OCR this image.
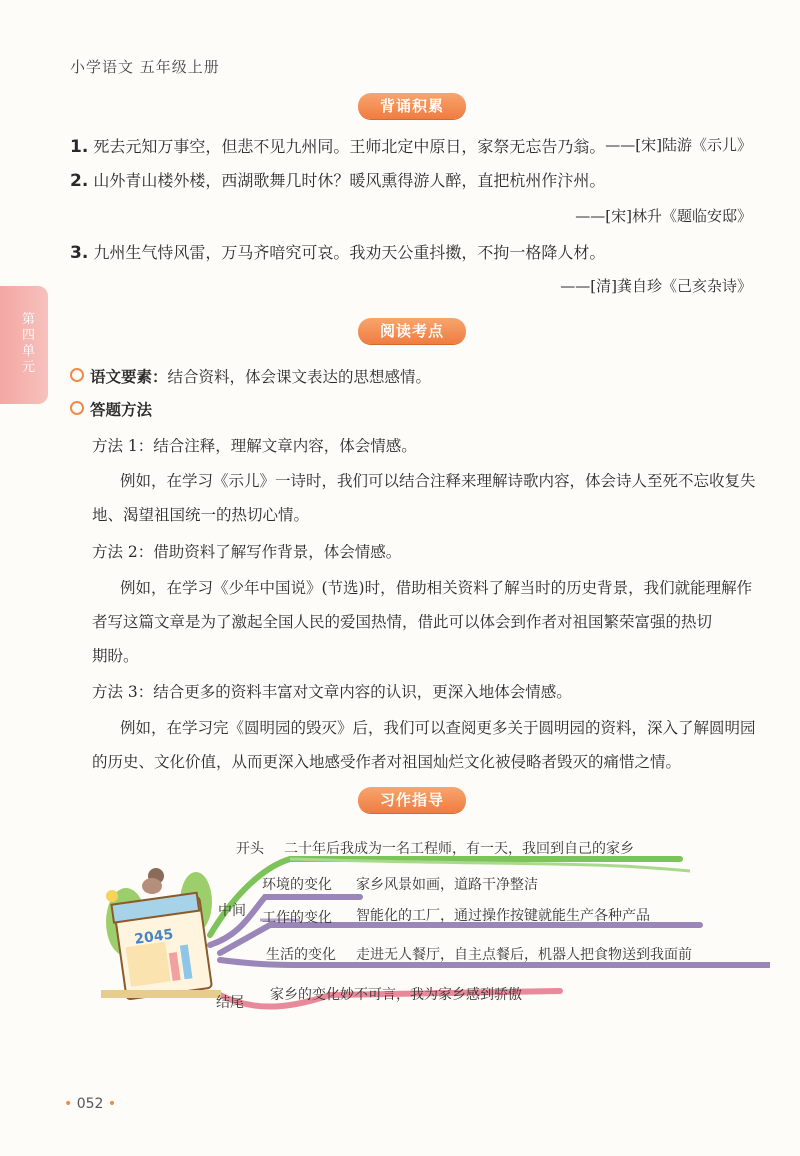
小学语文 五年级上册
背诵积累
1. 死去元知万事空，但悲不见九州同。王师北定中原日，家祭无忘告乃翁。 ——[宋]陆游《示儿》
2. 山外青山楼外楼，西湖歌舞几时休？暖风熏得游人醉，直把杭州作汴州。
——[宋]林升《题临安邸》
3. 九州生气恃风雷，万马齐喑究可哀。我劝天公重抖擞，不拘一格降人材。
——[清]龚自珍《己亥杂诗》
第四单元
阅读考点
语文要素：结合资料，体会课文表达的思想感情。
答题方法
方法 1：结合注释，理解文章内容，体会情感。
例如，在学习《示儿》一诗时，我们可以结合注释来理解诗歌内容，体会诗人至死不忘收复失
地、渴望祖国统一的热切心情。
方法 2：借助资料了解写作背景，体会情感。
例如，在学习《少年中国说》(节选)时，借助相关资料了解当时的历史背景，我们就能理解作
者写这篇文章是为了激起全国人民的爱国热情，借此可以体会到作者对祖国繁荣富强的热切
期盼。
方法 3：结合更多的资料丰富对文章内容的认识，更深入地体会情感。
例如，在学习完《圆明园的毁灭》后，我们可以查阅更多关于圆明园的资料，深入了解圆明园
的历史、文化价值，从而更深入地感受作者对祖国灿烂文化被侵略者毁灭的痛惜之情。
习作指导
2045
开头 二十年后我成为一名工程师，有一天，我回到自己的家乡
中间
环境的变化 家乡风景如画，道路干净整洁
工作的变化 智能化的工厂，通过操作按键就能生产各种产品
生活的变化 走进无人餐厅，自主点餐后，机器人把食物送到我面前
结尾 家乡的变化妙不可言，我为家乡感到骄傲
• 052 •
